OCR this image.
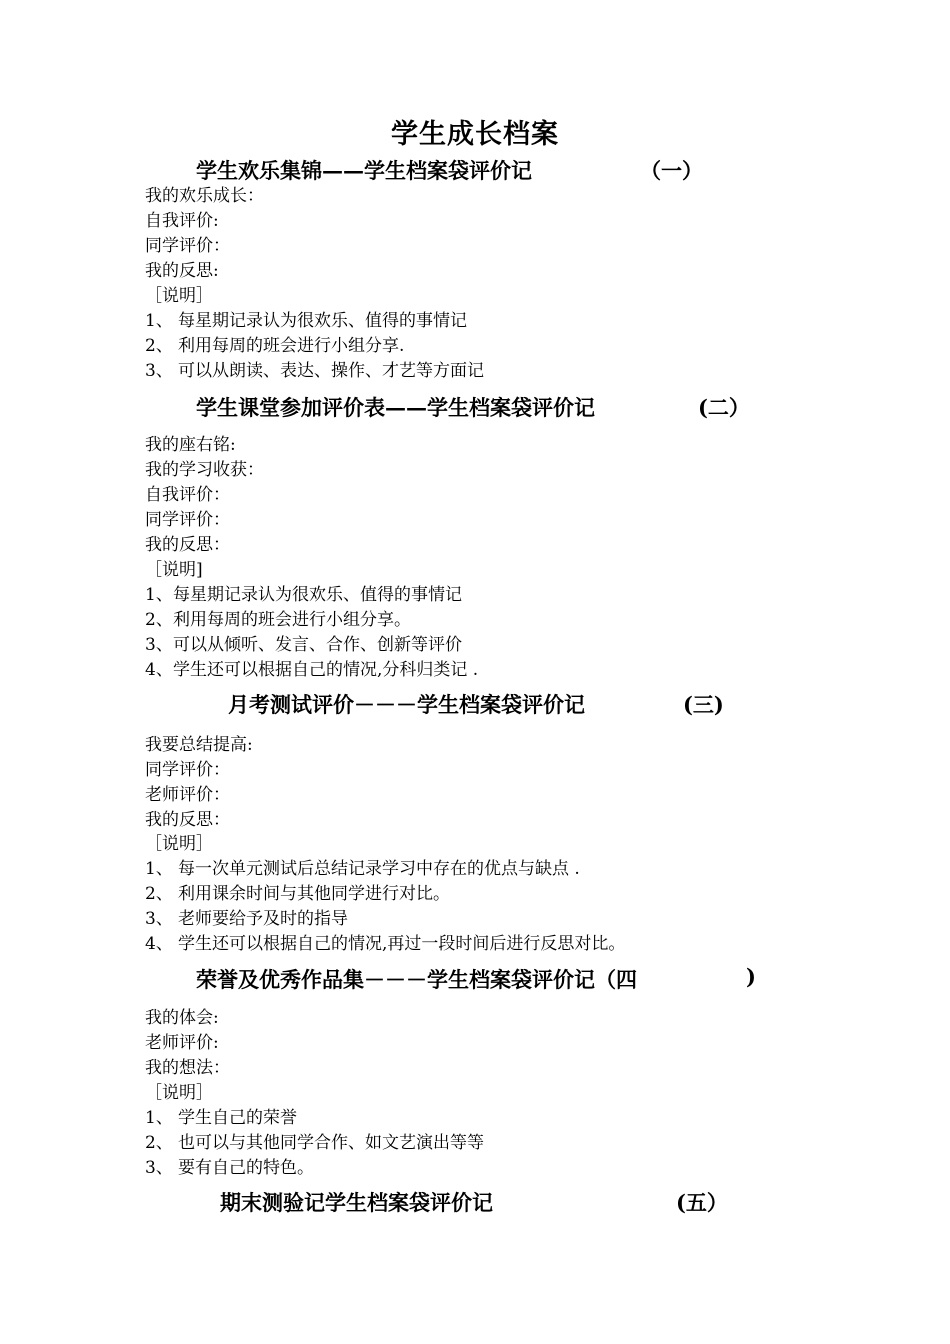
学生成长档案
学生欢乐集锦——学生档案袋评价记	（一）
我的欢乐成长：
自我评价:
同学评价：
我的反思:
［说明］
1、 每星期记录认为很欢乐、值得的事情记
2、 利用每周的班会进行小组分享.
3、 可以从朗读、表达、操作、才艺等方面记
学生课堂参加评价表——学生档案袋评价记	(二）
我的座右铭:
我的学习收获：
自我评价：
同学评价：
我的反思：
［说明]
1、每星期记录认为很欢乐、值得的事情记
2、利用每周的班会进行小组分享。
3、可以从倾听、发言、合作、创新等评价
4、学生还可以根据自己的情况,分科归类记 .
月考测试评价－－－学生档案袋评价记	(三)
我要总结提高:
同学评价：
老师评价：
我的反思：
［说明］
1、 每一次单元测试后总结记录学习中存在的优点与缺点 .
2、 利用课余时间与其他同学进行对比。
3、 老师要给予及时的指导
4、 学生还可以根据自己的情况,再过一段时间后进行反思对比。
荣誉及优秀作品集－－－学生档案袋评价记（四	)
我的体会:
老师评价:
我的想法：
［说明］
1、 学生自己的荣誉
2、 也可以与其他同学合作、如文艺演出等等
3、 要有自己的特色。
期末测验记学生档案袋评价记	(五）
